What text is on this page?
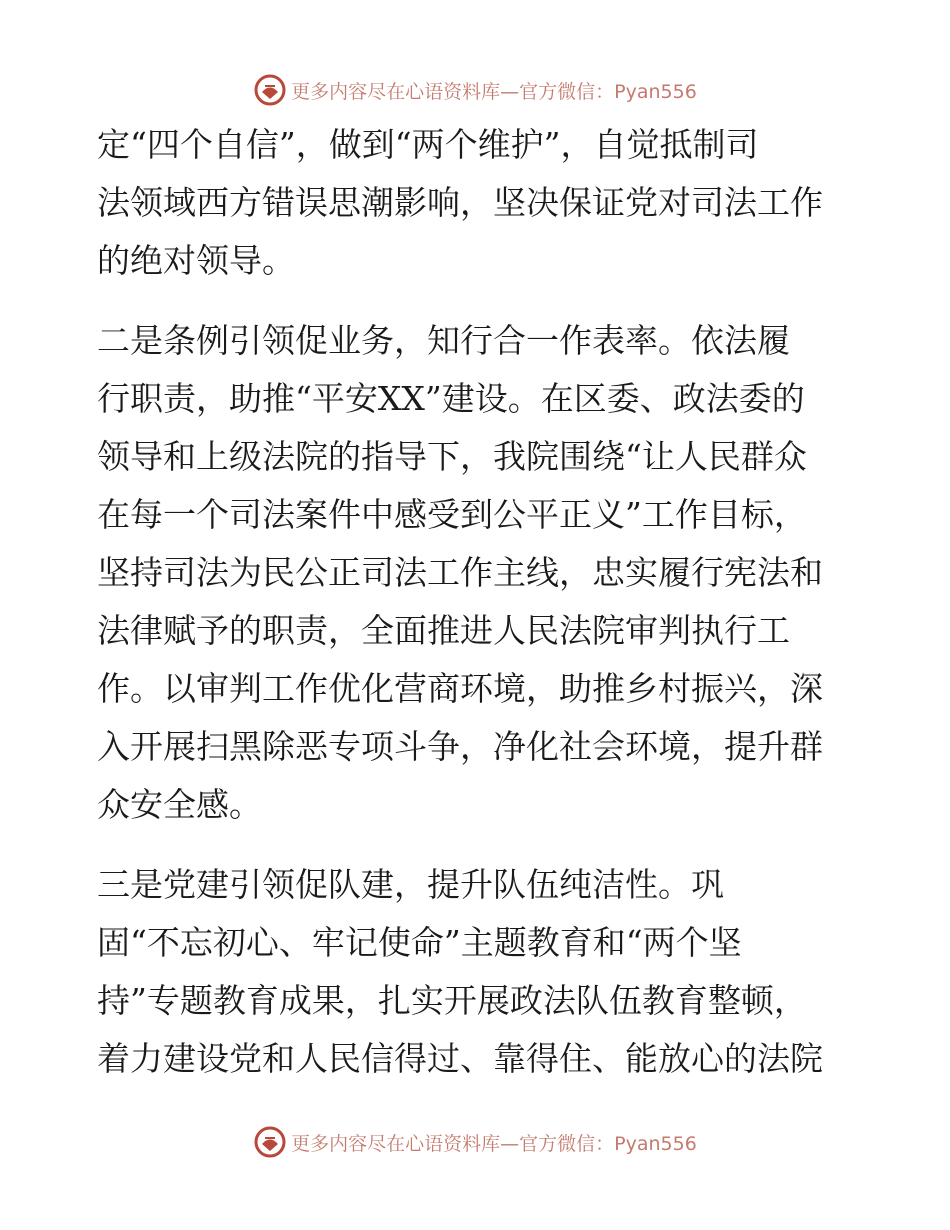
更多内容尽在心语资料库—官方微信：Pyan556

定“四个自信”，做到“两个维护”，自觉抵制司

法领域西方错误思潮影响，坚决保证党对司法工作

的绝对领导。

二是条例引领促业务，知行合一作表率。依法履

行职责，助推“平安XX”建设。在区委、政法委的

领导和上级法院的指导下，我院围绕“让人民群众

在每一个司法案件中感受到公平正义”工作目标，

坚持司法为民公正司法工作主线，忠实履行宪法和

法律赋予的职责，全面推进人民法院审判执行工

作。以审判工作优化营商环境，助推乡村振兴，深

入开展扫黑除恶专项斗争，净化社会环境，提升群

众安全感。

三是党建引领促队建，提升队伍纯洁性。巩

固“不忘初心、牢记使命”主题教育和“两个坚

持”专题教育成果，扎实开展政法队伍教育整顿，

着力建设党和人民信得过、靠得住、能放心的法院

更多内容尽在心语资料库—官方微信：Pyan556
